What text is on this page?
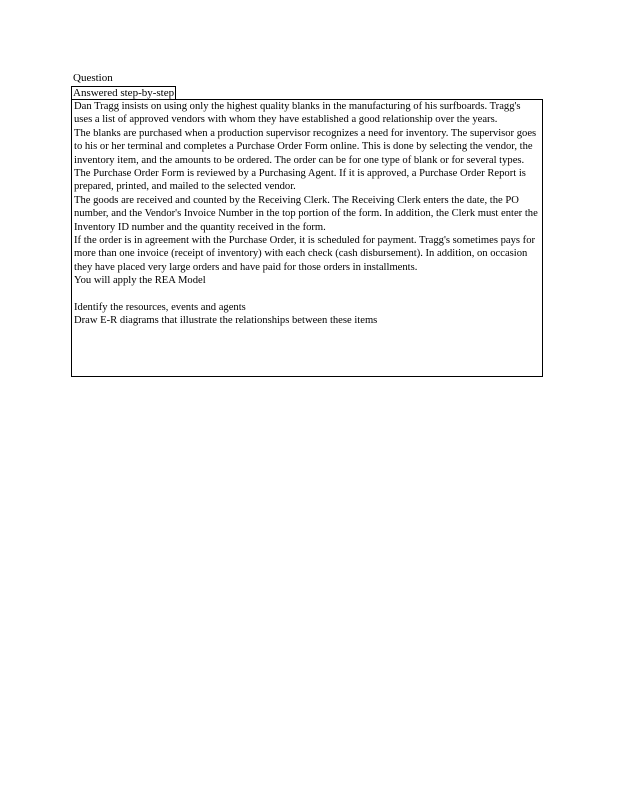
Question
Answered step-by-step

Dan Tragg insists on using only the highest quality blanks in the manufacturing of his surfboards. Tragg's uses a list of approved vendors with whom they have established a good relationship over the years.

The blanks are purchased when a production supervisor recognizes a need for inventory. The supervisor goes to his or her terminal and completes a Purchase Order Form online. This is done by selecting the vendor, the inventory item, and the amounts to be ordered. The order can be for one type of blank or for several types. The Purchase Order Form is reviewed by a Purchasing Agent. If it is approved, a Purchase Order Report is prepared, printed, and mailed to the selected vendor.

The goods are received and counted by the Receiving Clerk. The Receiving Clerk enters the date, the PO number, and the Vendor's Invoice Number in the top portion of the form. In addition, the Clerk must enter the Inventory ID number and the quantity received in the form.

If the order is in agreement with the Purchase Order, it is scheduled for payment. Tragg's sometimes pays for more than one invoice (receipt of inventory) with each check (cash disbursement). In addition, on occasion they have placed very large orders and have paid for those orders in installments.

You will apply the REA Model

Identify the resources, events and agents

Draw E-R diagrams that illustrate the relationships between these items
